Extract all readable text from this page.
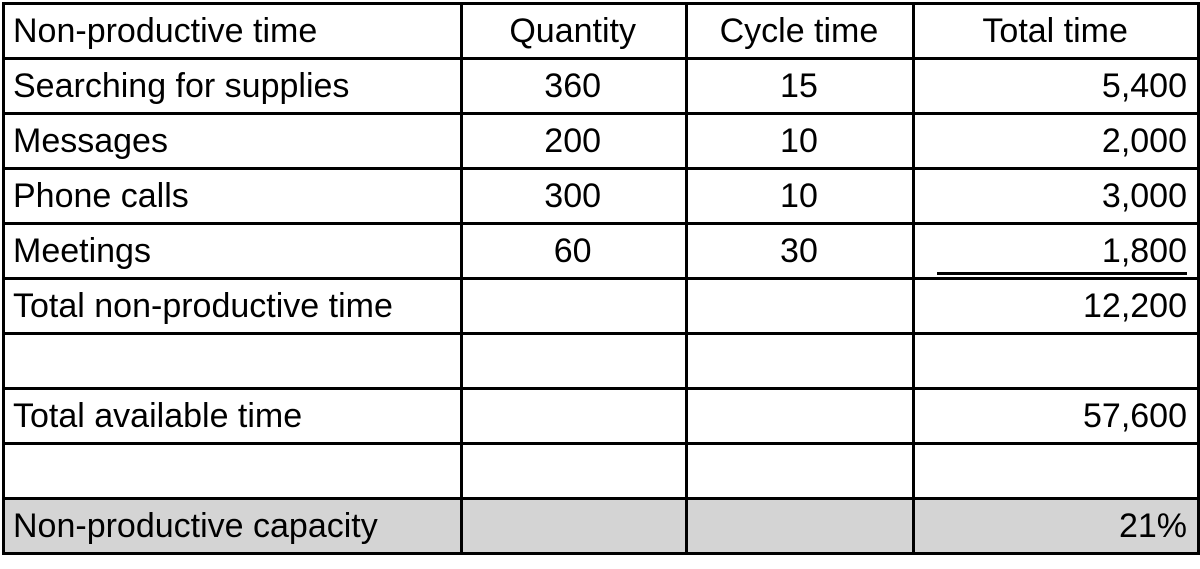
Non-productive time	Quantity	Cycle time	Total time
Searching for supplies	360	15	5,400
Messages	200	10	2,000
Phone calls	300	10	3,000
Meetings	60	30	1,800

Total non-productive time			12,200

Total available time			57,600

Non-productive capacity			21%
